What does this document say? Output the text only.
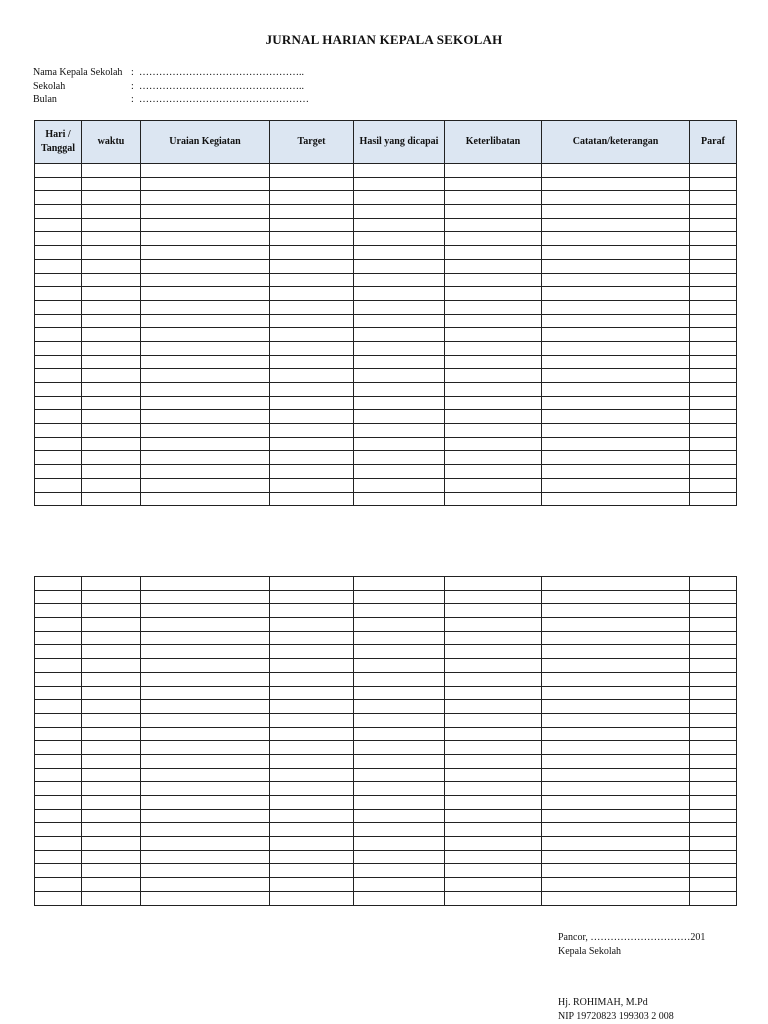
JURNAL HARIAN KEPALA SEKOLAH
Nama Kepala Sekolah : …………………………………………..
Sekolah	: …………………………………………..
Bulan	: ……………………………………………
Hari / Tanggal	waktu	Uraian Kegiatan	Target	Hasil yang dicapai	Keterlibatan	Catatan/keterangan	Paraf

Pancor, …………………………201
Kepala Sekolah
Hj. ROHIMAH, M.Pd
NIP 19720823 199303 2 008
